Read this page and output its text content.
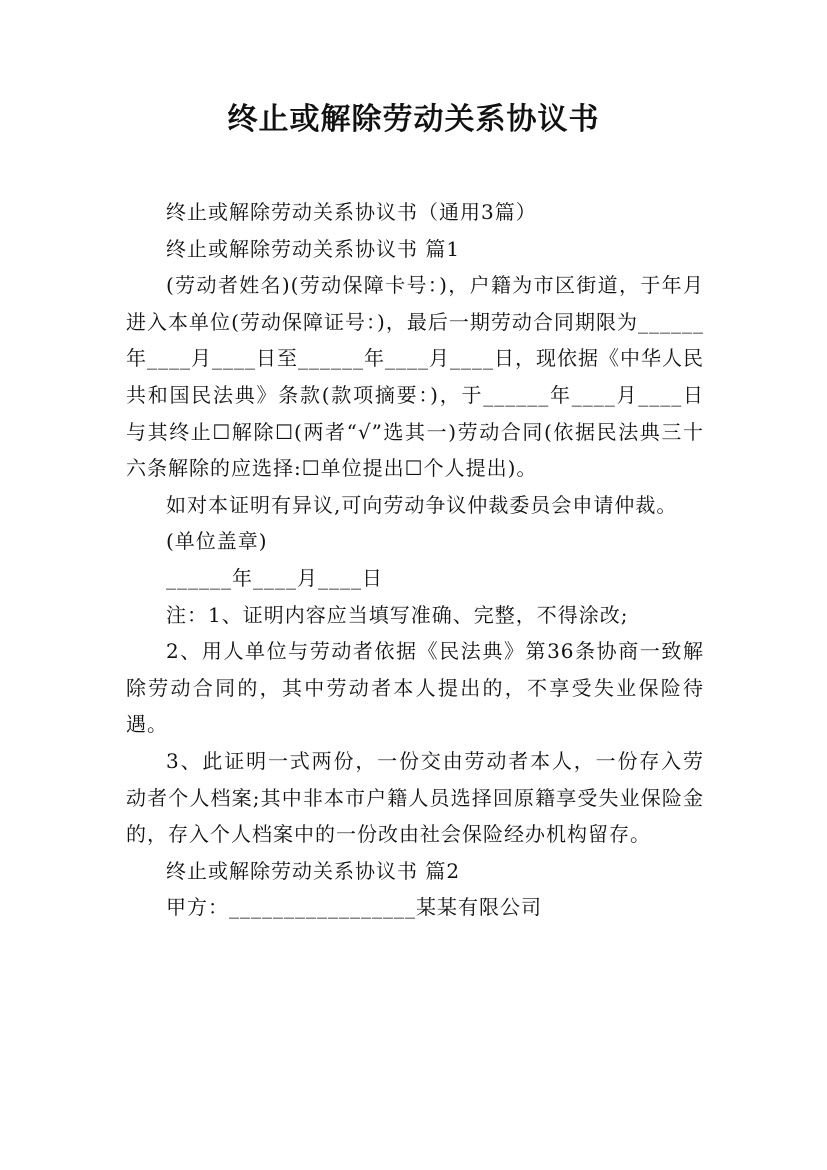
终止或解除劳动关系协议书

终止或解除劳动关系协议书（通用3篇）

终止或解除劳动关系协议书 篇1

(劳动者姓名)(劳动保障卡号：)，户籍为市区街道，于年月进入本单位(劳动保障证号：)，最后一期劳动合同期限为______年____月____日至______年____月____日，现依据《中华人民共和国民法典》条款(款项摘要：)，于______年____月____日与其终止☐解除☐(两者“√”选其一)劳动合同(依据民法典三十六条解除的应选择:☐单位提出☐个人提出)。

如对本证明有异议,可向劳动争议仲裁委员会申请仲裁。

(单位盖章)

______年____月____日

注：1、证明内容应当填写准确、完整，不得涂改;

2、用人单位与劳动者依据《民法典》第36条协商一致解除劳动合同的，其中劳动者本人提出的，不享受失业保险待遇。

3、此证明一式两份，一份交由劳动者本人，一份存入劳动者个人档案;其中非本市户籍人员选择回原籍享受失业保险金的，存入个人档案中的一份改由社会保险经办机构留存。

终止或解除劳动关系协议书 篇2

甲方：_________________某某有限公司
